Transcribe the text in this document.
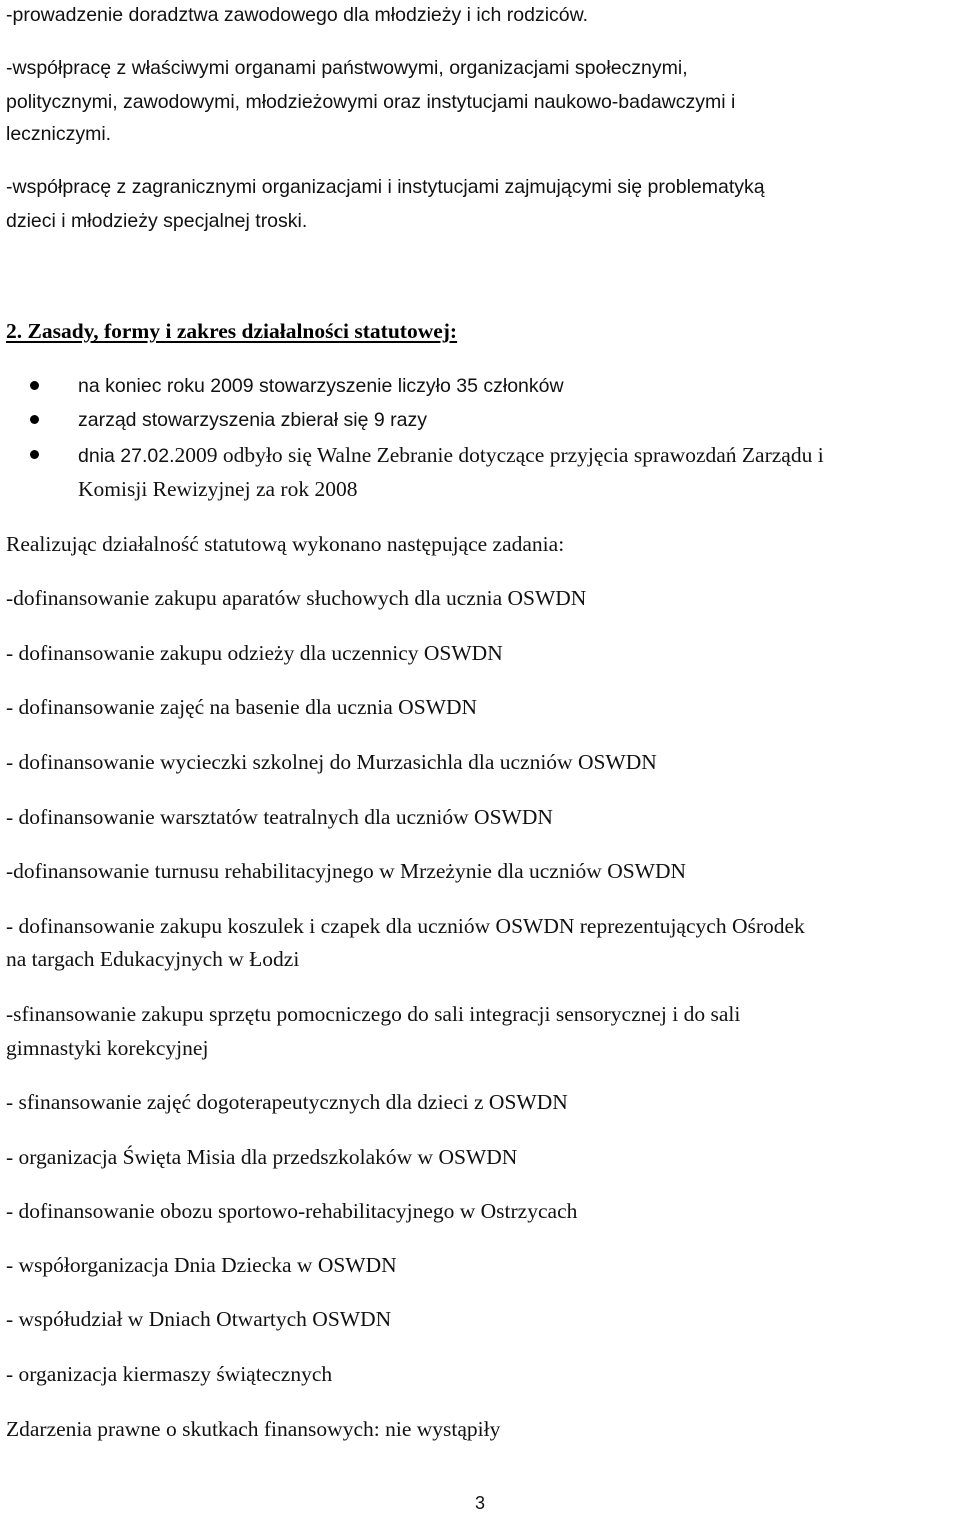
-prowadzenie doradztwa zawodowego dla młodzieży i ich rodziców.
-współpracę z właściwymi organami państwowymi, organizacjami społecznymi,
politycznymi, zawodowymi, młodzieżowymi oraz instytucjami naukowo-badawczymi i
leczniczymi.
-współpracę z zagranicznymi organizacjami i instytucjami zajmującymi się problematyką
dzieci i młodzieży specjalnej troski.
2. Zasady, formy i zakres działalności statutowej:
na koniec roku 2009 stowarzyszenie liczyło 35 członków
zarząd stowarzyszenia zbierał się 9 razy
dnia 27.02.2009 odbyło się Walne Zebranie dotyczące przyjęcia sprawozdań Zarządu i
Komisji Rewizyjnej za rok 2008
Realizując działalność statutową wykonano następujące zadania:
-dofinansowanie zakupu aparatów słuchowych dla ucznia OSWDN
- dofinansowanie zakupu odzieży dla uczennicy OSWDN
- dofinansowanie zajęć na basenie dla ucznia OSWDN
- dofinansowanie wycieczki szkolnej do Murzasichla dla uczniów OSWDN
- dofinansowanie warsztatów teatralnych dla uczniów OSWDN
-dofinansowanie turnusu rehabilitacyjnego w Mrzeżynie dla uczniów OSWDN
- dofinansowanie zakupu koszulek i czapek dla uczniów OSWDN reprezentujących Ośrodek
na targach Edukacyjnych w Łodzi
-sfinansowanie zakupu sprzętu pomocniczego do sali integracji sensorycznej i do sali
gimnastyki korekcyjnej
- sfinansowanie zajęć dogoterapeutycznych dla dzieci z OSWDN
- organizacja Święta Misia dla przedszkolaków w OSWDN
- dofinansowanie obozu sportowo-rehabilitacyjnego w Ostrzycach
- współorganizacja Dnia Dziecka w OSWDN
- współudział w Dniach Otwartych OSWDN
- organizacja kiermaszy świątecznych
Zdarzenia prawne o skutkach finansowych: nie wystąpiły
3
